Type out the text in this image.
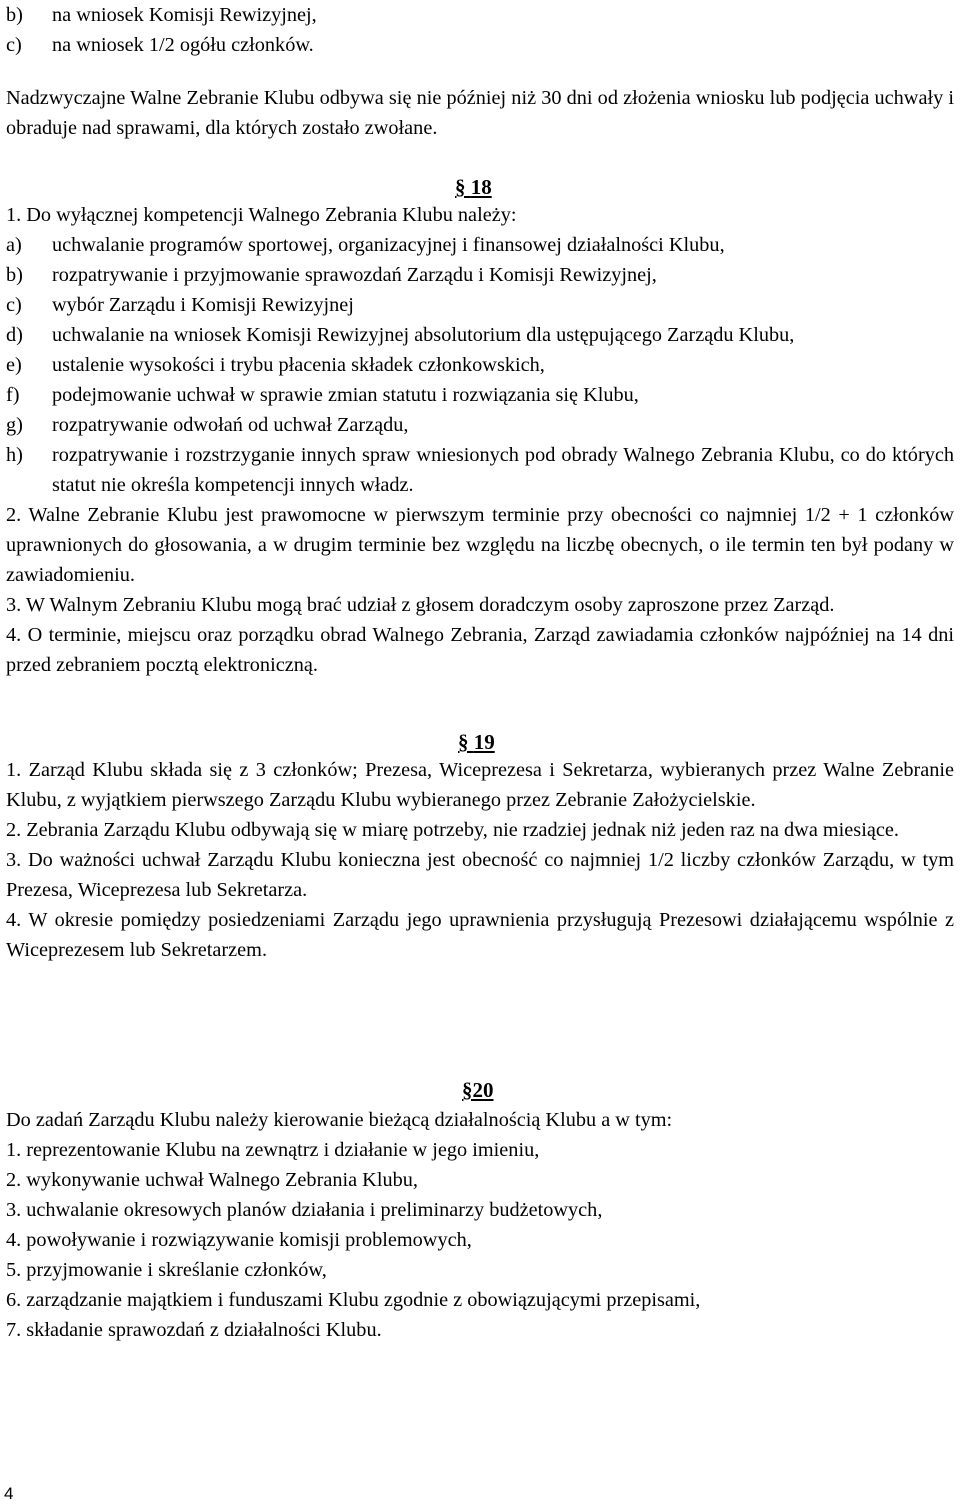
b)	na wniosek Komisji Rewizyjnej,
c)	na wniosek 1/2 ogółu członków.

Nadzwyczajne Walne Zebranie Klubu odbywa się nie później niż 30 dni od złożenia wniosku lub podjęcia uchwały i obraduje nad sprawami, dla których zostało zwołane.

§ 18

1. Do wyłącznej kompetencji Walnego Zebrania Klubu należy:

a)	uchwalanie programów sportowej, organizacyjnej i finansowej działalności Klubu,
b)	rozpatrywanie i przyjmowanie sprawozdań Zarządu i Komisji Rewizyjnej,
c)	wybór Zarządu i Komisji Rewizyjnej
d)	uchwalanie na wniosek Komisji Rewizyjnej absolutorium dla ustępującego Zarządu Klubu,
e)	ustalenie wysokości i trybu płacenia składek członkowskich,
f)	podejmowanie uchwał w sprawie zmian statutu i rozwiązania się Klubu,
g)	rozpatrywanie odwołań od uchwał Zarządu,
h)	rozpatrywanie i rozstrzyganie innych spraw wniesionych pod obrady Walnego Zebrania Klubu, co do których statut nie określa kompetencji innych władz.

2. Walne Zebranie Klubu jest prawomocne w pierwszym terminie przy obecności co najmniej 1/2 + 1 członków uprawnionych do głosowania, a w drugim terminie bez względu na liczbę obecnych, o ile termin ten był podany w zawiadomieniu.

3. W Walnym Zebraniu Klubu mogą brać udział z głosem doradczym osoby zaproszone przez Zarząd.

4. O terminie, miejscu oraz porządku obrad Walnego Zebrania, Zarząd zawiadamia członków najpóźniej na 14 dni przed zebraniem pocztą elektroniczną.

§ 19

1. Zarząd Klubu składa się z 3 członków; Prezesa, Wiceprezesa i Sekretarza, wybieranych przez Walne Zebranie Klubu, z wyjątkiem pierwszego Zarządu Klubu wybieranego przez Zebranie Założycielskie.

2. Zebrania Zarządu Klubu odbywają się w miarę potrzeby, nie rzadziej jednak niż jeden raz na dwa miesiące.

3. Do ważności uchwał Zarządu Klubu konieczna jest obecność co najmniej 1/2 liczby członków Zarządu, w tym Prezesa, Wiceprezesa lub Sekretarza.

4. W okresie pomiędzy posiedzeniami Zarządu jego uprawnienia przysługują Prezesowi działającemu wspólnie z Wiceprezesem lub Sekretarzem.

§20

Do zadań Zarządu Klubu należy kierowanie bieżącą działalnością Klubu a w tym:

1. reprezentowanie Klubu na zewnątrz i działanie w jego imieniu,

2. wykonywanie uchwał Walnego Zebrania Klubu,

3. uchwalanie okresowych planów działania i preliminarzy budżetowych,

4. powoływanie i rozwiązywanie komisji problemowych,

5. przyjmowanie i skreślanie członków,

6. zarządzanie majątkiem i funduszami Klubu zgodnie z obowiązującymi przepisami,

7. składanie sprawozdań z działalności Klubu.

4
